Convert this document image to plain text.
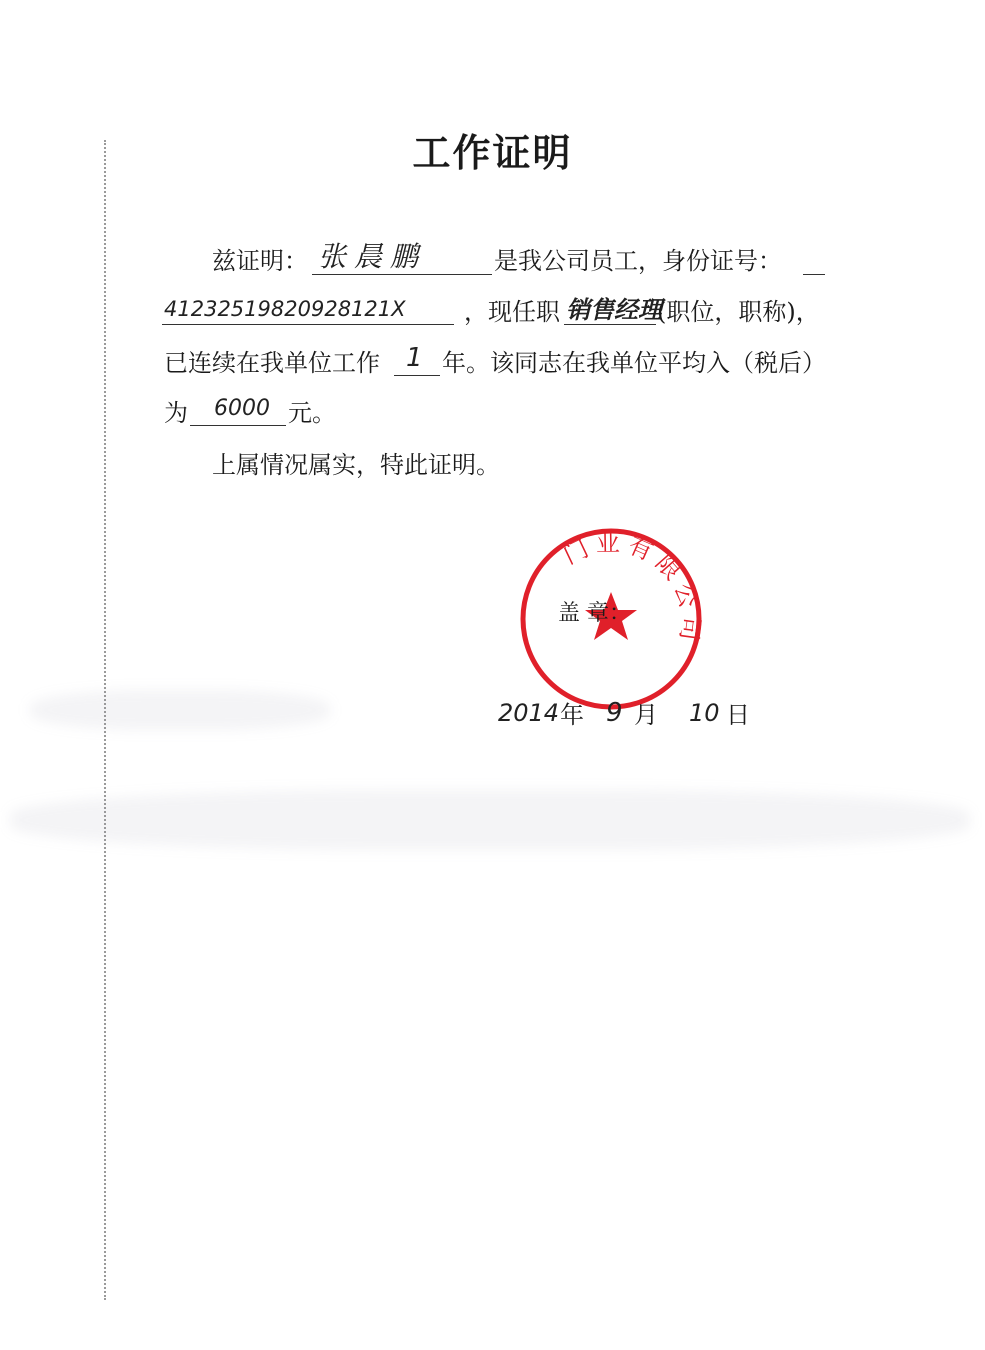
工作证明
兹证明： 张晨鹏	是我公司员工，身份证号：
41232519820928121X ，现任职 销售经理
(职位，职称)，
已连续在我单位工作 1 年。该同志在我单位平均入（税后）
为 6000 元。
上属情况属实，特此证明。
门业有限公司
盖 章：
2014 年 9 月 10 日
